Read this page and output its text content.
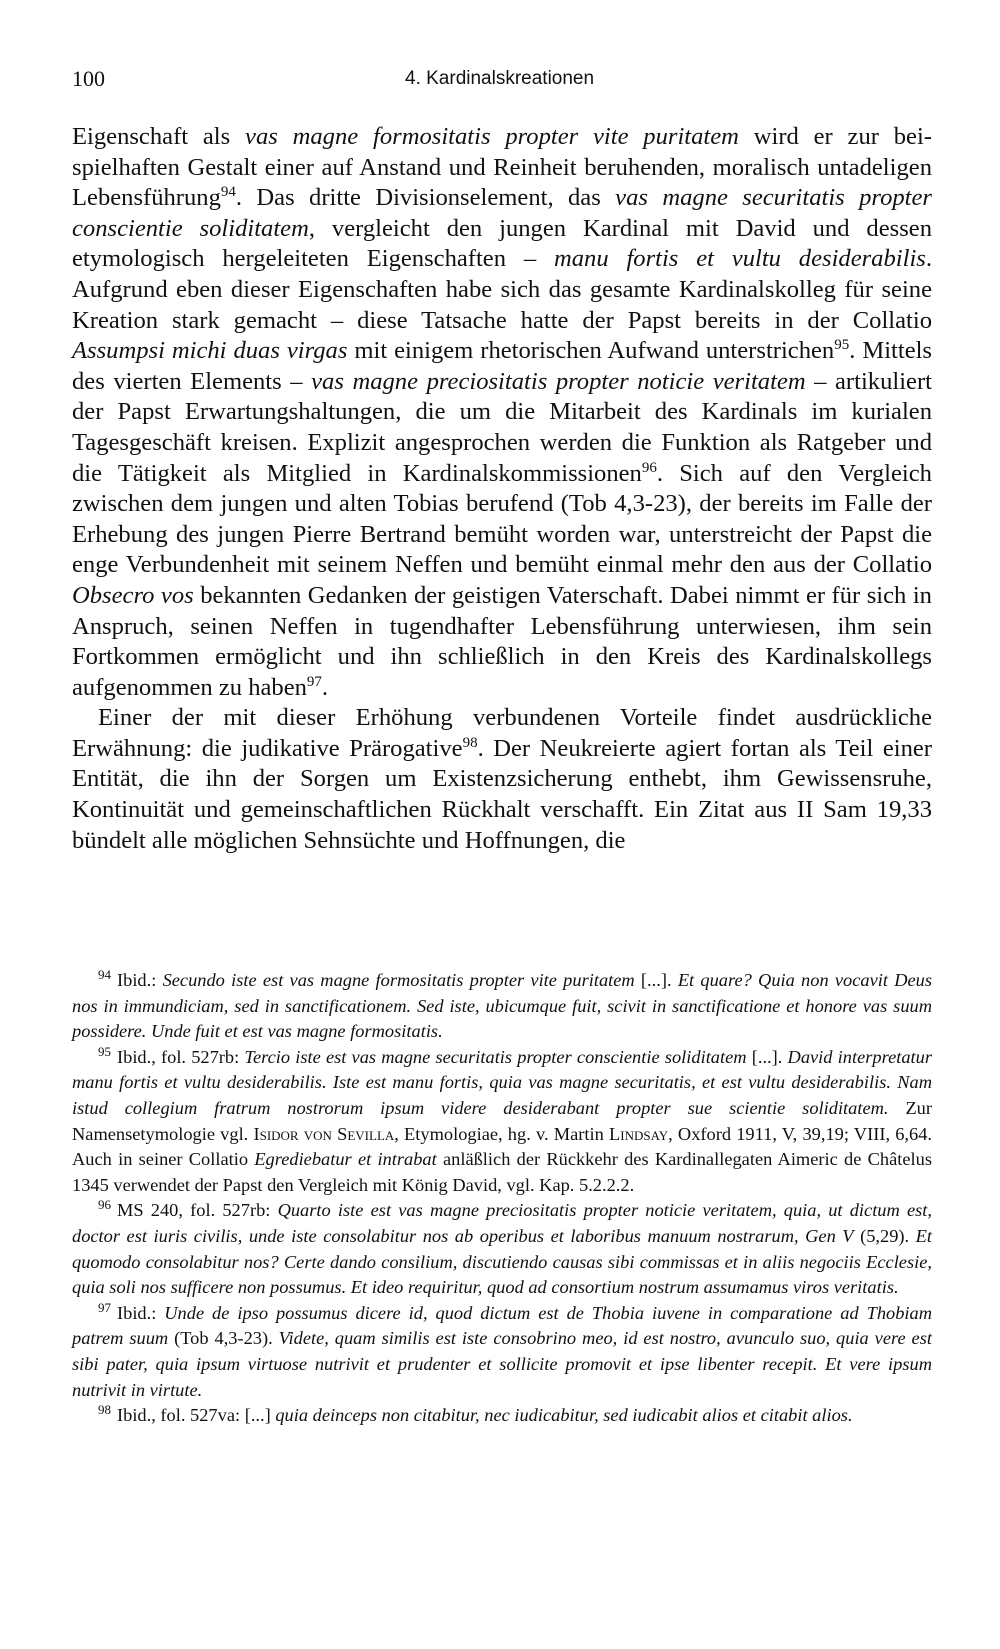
100	4. Kardinalskreationen

Eigenschaft als vas magne formositatis propter vite puritatem wird er zur beispielhaften Gestalt einer auf Anstand und Reinheit beruhenden, moralisch untadeligen Lebensführung$^{94}$. Das dritte Divisionselement, das vas magne securitatis propter conscientie soliditatem, vergleicht den jungen Kardinal mit David und dessen etymologisch hergeleiteten Eigenschaften – manu fortis et vultu desiderabilis. Aufgrund eben dieser Eigenschaften habe sich das gesamte Kardinalskolleg für seine Kreation stark gemacht – diese Tatsache hatte der Papst bereits in der Collatio Assumpsi michi duas virgas mit einigem rhetorischen Aufwand unterstrichen$^{95}$. Mittels des vierten Elements – vas magne preciositatis propter noticie veritatem – artikuliert der Papst Erwartungshaltungen, die um die Mitarbeit des Kardinals im kurialen Tagesgeschäft kreisen. Explizit angesprochen werden die Funktion als Ratgeber und die Tätigkeit als Mitglied in Kardinalskommissionen$^{96}$. Sich auf den Vergleich zwischen dem jungen und alten Tobias berufend (Tob 4,3-23), der bereits im Falle der Erhebung des jungen Pierre Bertrand bemüht worden war, unterstreicht der Papst die enge Verbundenheit mit seinem Neffen und bemüht einmal mehr den aus der Collatio Obsecro vos bekannten Gedanken der geistigen Vaterschaft. Dabei nimmt er für sich in Anspruch, seinen Neffen in tugendhafter Lebensführung unterwiesen, ihm sein Fortkommen ermöglicht und ihn schließlich in den Kreis des Kardinalskollegs aufgenommen zu haben$^{97}$.

Einer der mit dieser Erhöhung verbundenen Vorteile findet ausdrückliche Erwähnung: die judikative Prärogative$^{98}$. Der Neukreierte agiert fortan als Teil einer Entität, die ihn der Sorgen um Existenzsicherung enthebt, ihm Gewissensruhe, Kontinuität und gemeinschaftlichen Rückhalt verschafft. Ein Zitat aus II Sam 19,33 bündelt alle möglichen Sehnsüchte und Hoffnungen, die

$^{94}$ Ibid.: Secundo iste est vas magne formositatis propter vite puritatem [...]. Et quare? Quia non vocavit Deus nos in immundiciam, sed in sanctificationem. Sed iste, ubicumque fuit, scivit in sanctificatione et honore vas suum possidere. Unde fuit et est vas magne formositatis.

$^{95}$ Ibid., fol. 527rb: Tercio iste est vas magne securitatis propter conscientie soliditatem [...]. David interpretatur manu fortis et vultu desiderabilis. Iste est manu fortis, quia vas magne securitatis, et est vultu desiderabilis. Nam istud collegium fratrum nostrorum ipsum videre desiderabant propter sue scientie soliditatem. Zur Namensetymologie vgl. Isidor von Sevilla, Etymologiae, hg. v. Martin Lindsay, Oxford 1911, V, 39,19; VIII, 6,64. Auch in seiner Collatio Egrediebatur et intrabat anläßlich der Rückkehr des Kardinallegaten Aimeric de Châtelus 1345 verwendet der Papst den Vergleich mit König David, vgl. Kap. 5.2.2.2.

$^{96}$ MS 240, fol. 527rb: Quarto iste est vas magne preciositatis propter noticie veritatem, quia, ut dictum est, doctor est iuris civilis, unde iste consolabitur nos ab operibus et laboribus manuum nostrarum, Gen V (5,29). Et quomodo consolabitur nos? Certe dando consilium, discutiendo causas sibi commissas et in aliis negociis Ecclesie, quia soli nos sufficere non possumus. Et ideo requiritur, quod ad consortium nostrum assumamus viros veritatis.

$^{97}$ Ibid.: Unde de ipso possumus dicere id, quod dictum est de Thobia iuvene in comparatione ad Thobiam patrem suum (Tob 4,3-23). Videte, quam similis est iste consobrino meo, id est nostro, avunculo suo, quia vere est sibi pater, quia ipsum virtuose nutrivit et prudenter et sollicite promovit et ipse libenter recepit. Et vere ipsum nutrivit in virtute.

$^{98}$ Ibid., fol. 527va: [...] quia deinceps non citabitur, nec iudicabitur, sed iudicabit alios et citabit alios.
